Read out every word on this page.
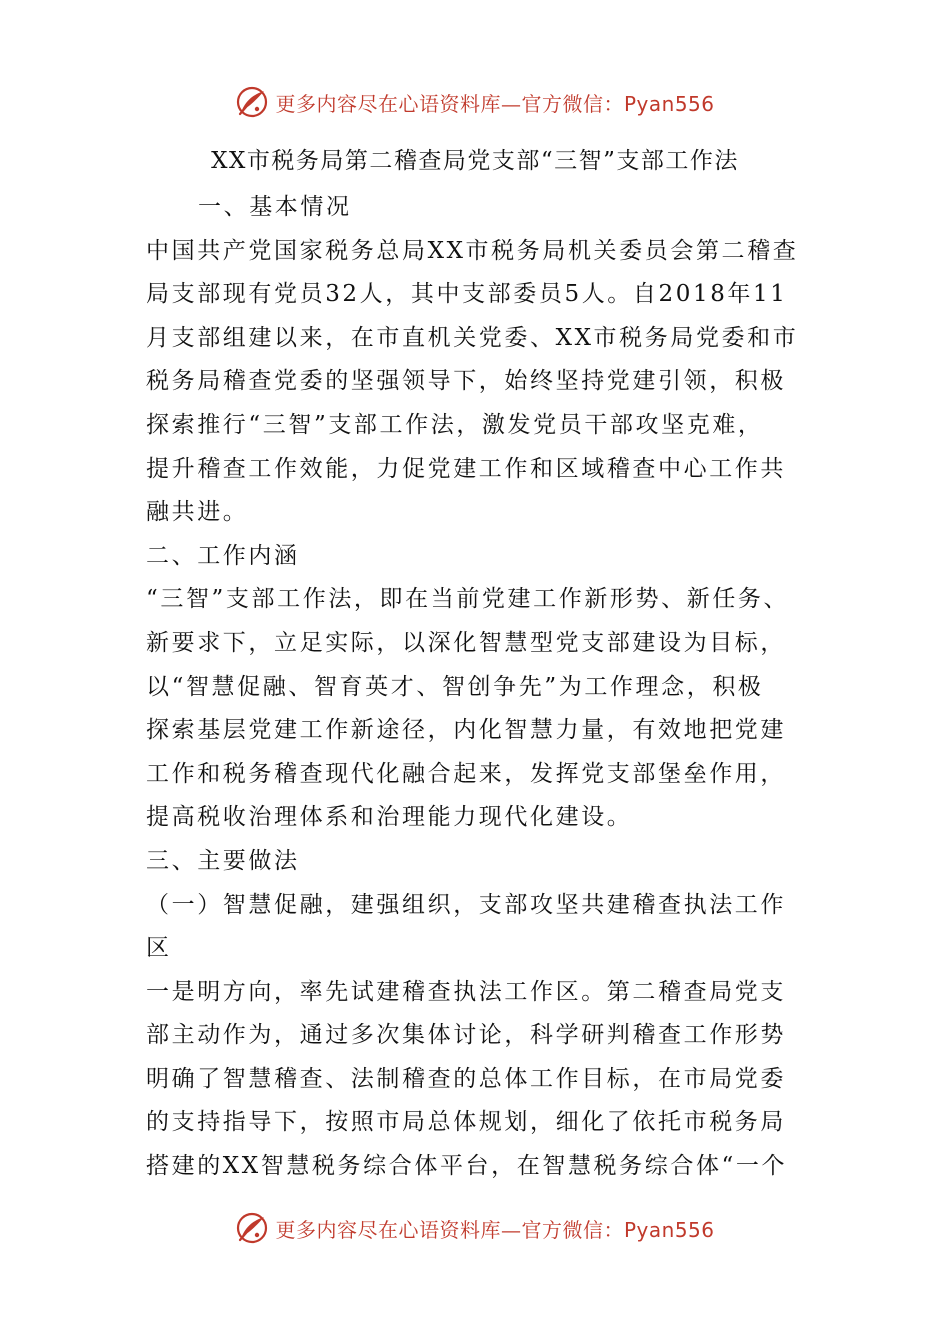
更多内容尽在心语资料库—官方微信：Pyan556
XX市税务局第二稽查局党支部“三智”支部工作法
一、基本情况
中国共产党国家税务总局XX市税务局机关委员会第二稽查
局支部现有党员32人，其中支部委员5人。自2018年11
月支部组建以来，在市直机关党委、XX市税务局党委和市
税务局稽查党委的坚强领导下，始终坚持党建引领，积极
探索推行“三智”支部工作法，激发党员干部攻坚克难，
提升稽查工作效能，力促党建工作和区域稽查中心工作共
融共进。
二、工作内涵
“三智”支部工作法，即在当前党建工作新形势、新任务、
新要求下，立足实际，以深化智慧型党支部建设为目标，
以“智慧促融、智育英才、智创争先”为工作理念，积极
探索基层党建工作新途径，内化智慧力量，有效地把党建
工作和税务稽查现代化融合起来，发挥党支部堡垒作用，
提高税收治理体系和治理能力现代化建设。
三、主要做法
（一）智慧促融，建强组织，支部攻坚共建稽查执法工作
区
一是明方向，率先试建稽查执法工作区。第二稽查局党支
部主动作为，通过多次集体讨论，科学研判稽查工作形势
明确了智慧稽查、法制稽查的总体工作目标，在市局党委
的支持指导下，按照市局总体规划，细化了依托市税务局
搭建的XX智慧税务综合体平台，在智慧税务综合体“一个
更多内容尽在心语资料库—官方微信：Pyan556
